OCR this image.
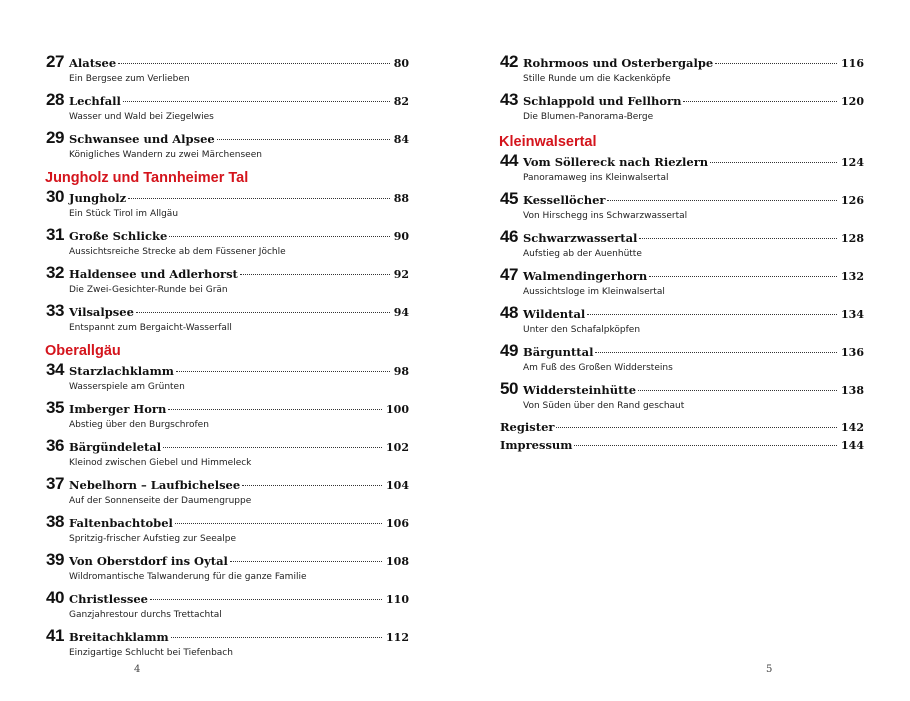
27 Alatsee	80
Ein Bergsee zum Verlieben
28 Lechfall	82
Wasser und Wald bei Ziegelwies
29 Schwansee und Alpsee	84
Königliches Wandern zu zwei Märchenseen
Jungholz und Tannheimer Tal
30 Jungholz	88
Ein Stück Tirol im Allgäu
31 Große Schlicke	90
Aussichtsreiche Strecke ab dem Füssener Jöchle
32 Haldensee und Adlerhorst	92
Die Zwei-Gesichter-Runde bei Grän
33 Vilsalpsee	94
Entspannt zum Bergaicht-Wasserfall
Oberallgäu
34 Starzlachklamm	98
Wasserspiele am Grünten
35 Imberger Horn	100
Abstieg über den Burgschrofen
36 Bärgündeletal	102
Kleinod zwischen Giebel und Himmeleck
37 Nebelhorn – Laufbichelsee	104
Auf der Sonnenseite der Daumengruppe
38 Faltenbachtobel	106
Spritzig-frischer Aufstieg zur Seealpe
39 Von Oberstdorf ins Oytal	108
Wildromantische Talwanderung für die ganze Familie
40 Christlessee	110
Ganzjahrestour durchs Trettachtal
41 Breitachklamm	112
Einzigartige Schlucht bei Tiefenbach
4
42 Rohrmoos und Osterbergalpe	116
Stille Runde um die Kackenköpfe
43 Schlappold und Fellhorn	120
Die Blumen-Panorama-Berge
Kleinwalsertal
44 Vom Söllereck nach Riezlern	124
Panoramaweg ins Kleinwalsertal
45 Kessellöcher	126
Von Hirschegg ins Schwarzwassertal
46 Schwarzwassertal	128
Aufstieg ab der Auenhütte
47 Walmendingerhorn	132
Aussichtsloge im Kleinwalsertal
48 Wildental	134
Unter den Schafalpköpfen
49 Bärgunttal	136
Am Fuß des Großen Widdersteins
50 Widdersteinhütte	138
Von Süden über den Rand geschaut
Register	142
Impressum	144
5
